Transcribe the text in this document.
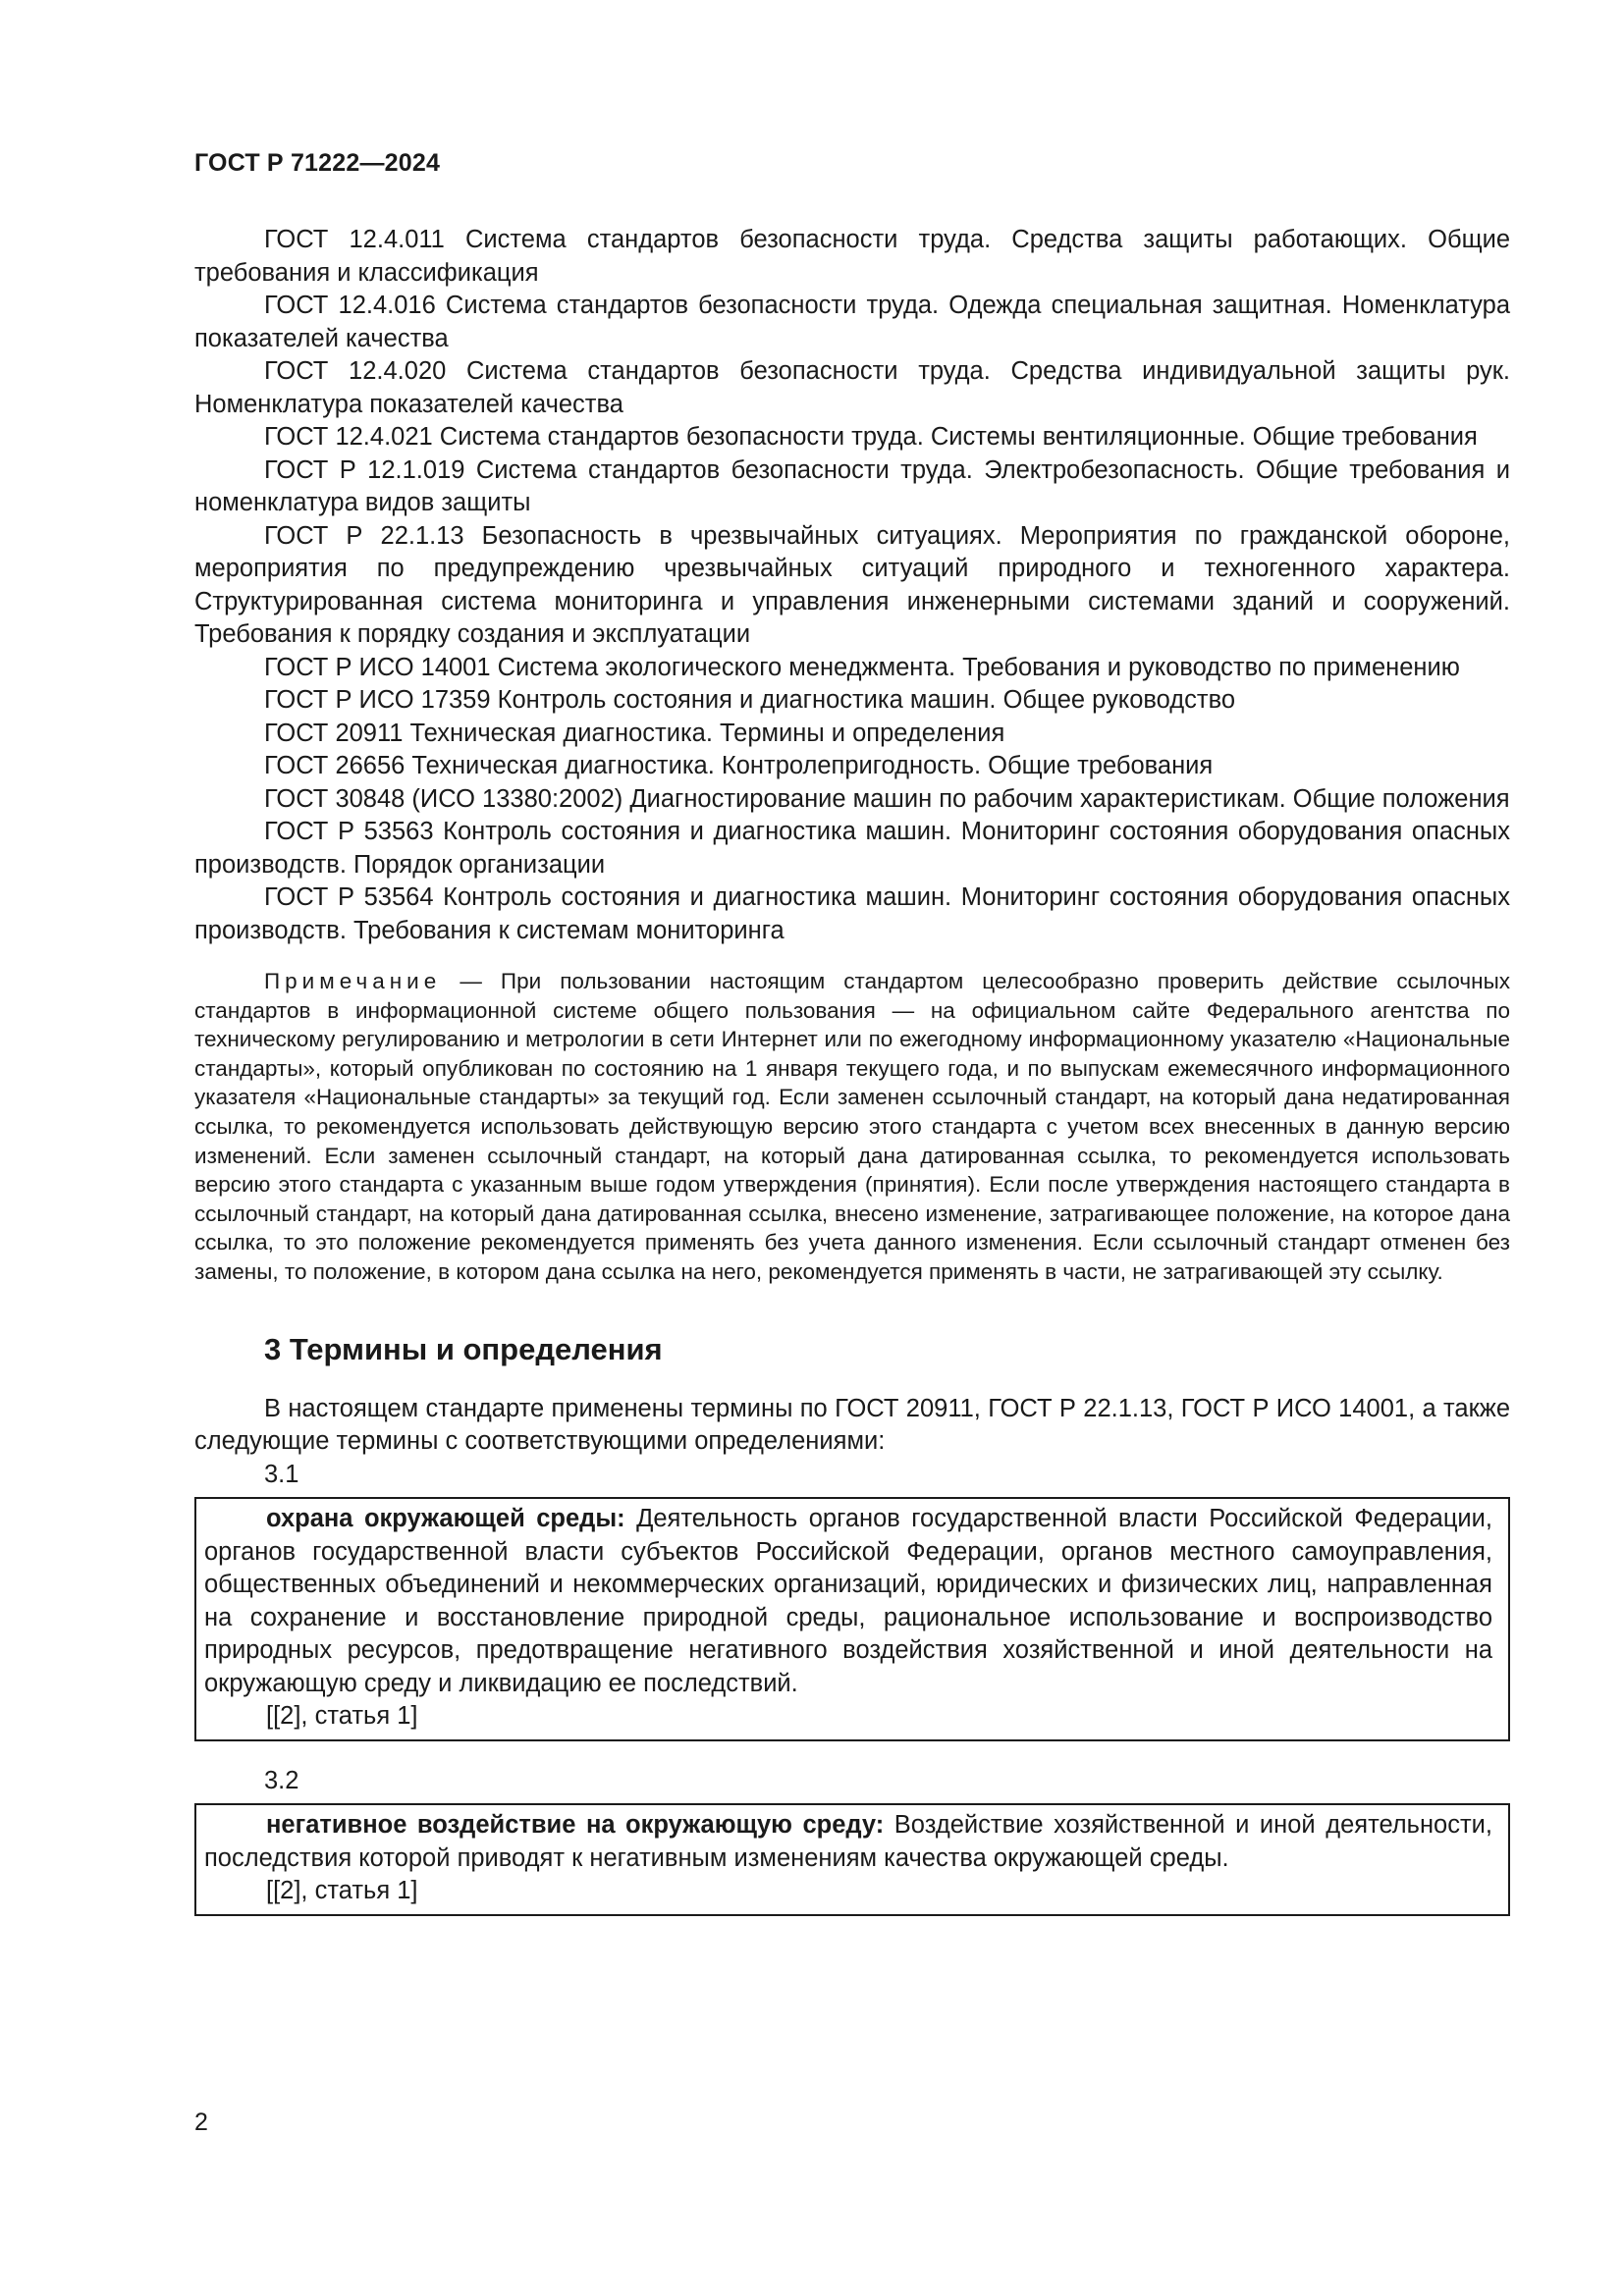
ГОСТ Р 71222—2024

ГОСТ 12.4.011 Система стандартов безопасности труда. Средства защиты работающих. Общие требования и классификация

ГОСТ 12.4.016 Система стандартов безопасности труда. Одежда специальная защитная. Номенклатура показателей качества

ГОСТ 12.4.020 Система стандартов безопасности труда. Средства индивидуальной защиты рук. Номенклатура показателей качества

ГОСТ 12.4.021 Система стандартов безопасности труда. Системы вентиляционные. Общие требования

ГОСТ Р 12.1.019 Система стандартов безопасности труда. Электробезопасность. Общие требования и номенклатура видов защиты

ГОСТ Р 22.1.13 Безопасность в чрезвычайных ситуациях. Мероприятия по гражданской обороне, мероприятия по предупреждению чрезвычайных ситуаций природного и техногенного характера. Структурированная система мониторинга и управления инженерными системами зданий и сооружений. Требования к порядку создания и эксплуатации

ГОСТ Р ИСО 14001 Система экологического менеджмента. Требования и руководство по применению

ГОСТ Р ИСО 17359 Контроль состояния и диагностика машин. Общее руководство

ГОСТ 20911 Техническая диагностика. Термины и определения

ГОСТ 26656 Техническая диагностика. Контролепригодность. Общие требования

ГОСТ 30848 (ИСО 13380:2002) Диагностирование машин по рабочим характеристикам. Общие положения

ГОСТ Р 53563 Контроль состояния и диагностика машин. Мониторинг состояния оборудования опасных производств. Порядок организации

ГОСТ Р 53564 Контроль состояния и диагностика машин. Мониторинг состояния оборудования опасных производств. Требования к системам мониторинга

Примечание — При пользовании настоящим стандартом целесообразно проверить действие ссылочных стандартов в информационной системе общего пользования — на официальном сайте Федерального агентства по техническому регулированию и метрологии в сети Интернет или по ежегодному информационному указателю «Национальные стандарты», который опубликован по состоянию на 1 января текущего года, и по выпускам ежемесячного информационного указателя «Национальные стандарты» за текущий год. Если заменен ссылочный стандарт, на который дана недатированная ссылка, то рекомендуется использовать действующую версию этого стандарта с учетом всех внесенных в данную версию изменений. Если заменен ссылочный стандарт, на который дана датированная ссылка, то рекомендуется использовать версию этого стандарта с указанным выше годом утверждения (принятия). Если после утверждения настоящего стандарта в ссылочный стандарт, на который дана датированная ссылка, внесено изменение, затрагивающее положение, на которое дана ссылка, то это положение рекомендуется применять без учета данного изменения. Если ссылочный стандарт отменен без замены, то положение, в котором дана ссылка на него, рекомендуется применять в части, не затрагивающей эту ссылку.

3 Термины и определения

В настоящем стандарте применены термины по ГОСТ 20911, ГОСТ Р 22.1.13, ГОСТ Р ИСО 14001, а также следующие термины с соответствующими определениями:

3.1

охрана окружающей среды: Деятельность органов государственной власти Российской Федерации, органов государственной власти субъектов Российской Федерации, органов местного самоуправления, общественных объединений и некоммерческих организаций, юридических и физических лиц, направленная на сохранение и восстановление природной среды, рациональное использование и воспроизводство природных ресурсов, предотвращение негативного воздействия хозяйственной и иной деятельности на окружающую среду и ликвидацию ее последствий.

[[2], статья 1]

3.2

негативное воздействие на окружающую среду: Воздействие хозяйственной и иной деятельности, последствия которой приводят к негативным изменениям качества окружающей среды.

[[2], статья 1]

2
